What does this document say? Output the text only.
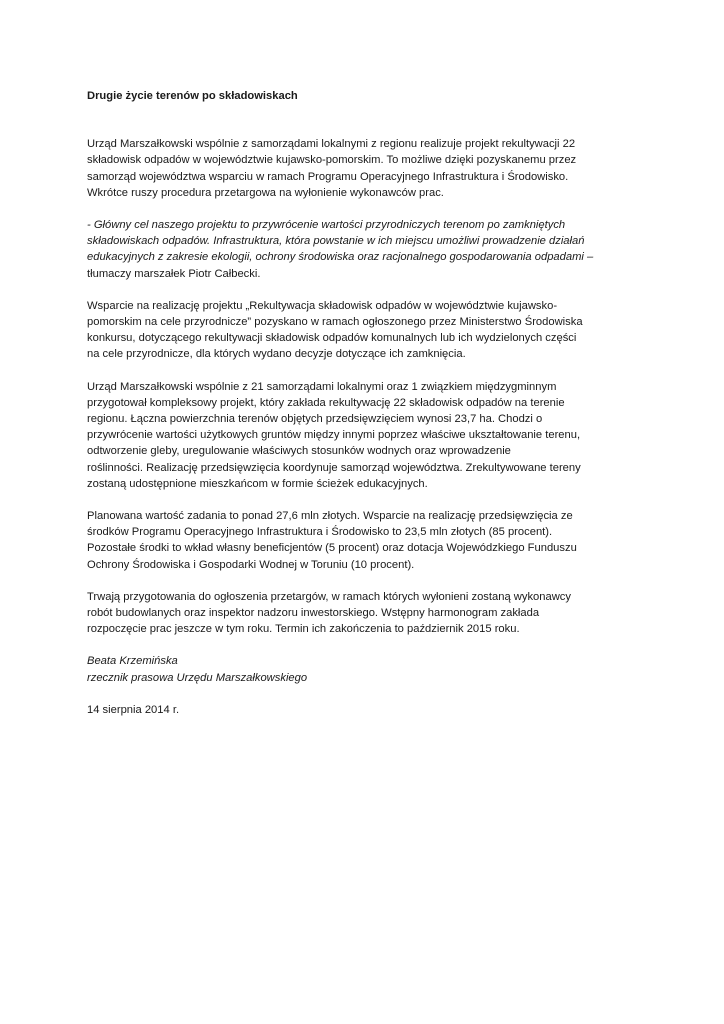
Drugie życie terenów po składowiskach

Urząd Marszałkowski wspólnie z samorządami lokalnymi z regionu realizuje projekt rekultywacji 22
składowisk odpadów w województwie kujawsko-pomorskim. To możliwe dzięki pozyskanemu przez
samorząd województwa wsparciu w ramach Programu Operacyjnego Infrastruktura i Środowisko.
Wkrótce ruszy procedura przetargowa na wyłonienie wykonawców prac.
- Główny cel naszego projektu to przywrócenie wartości przyrodniczych terenom po zamkniętych
składowiskach odpadów. Infrastruktura, która powstanie w ich miejscu umożliwi prowadzenie działań
edukacyjnych z zakresie ekologii, ochrony środowiska oraz racjonalnego gospodarowania odpadami –
tłumaczy marszałek Piotr Całbecki.
Wsparcie na realizację projektu „Rekultywacja składowisk odpadów w województwie kujawsko-
pomorskim na cele przyrodnicze” pozyskano w ramach ogłoszonego przez Ministerstwo Środowiska
konkursu, dotyczącego rekultywacji składowisk odpadów komunalnych lub ich wydzielonych części
na cele przyrodnicze, dla których wydano decyzje dotyczące ich zamknięcia.
Urząd Marszałkowski wspólnie z 21 samorządami lokalnymi oraz 1 związkiem międzygminnym
przygotował kompleksowy projekt, który zakłada rekultywację 22 składowisk odpadów na terenie
regionu. Łączna powierzchnia terenów objętych przedsięwzięciem wynosi 23,7 ha. Chodzi o
przywrócenie wartości użytkowych gruntów między innymi poprzez właściwe ukształtowanie terenu,
odtworzenie gleby, uregulowanie właściwych stosunków wodnych oraz wprowadzenie
roślinności. Realizację przedsięwzięcia koordynuje samorząd województwa. Zrekultywowane tereny
zostaną udostępnione mieszkańcom w formie ścieżek edukacyjnych.
Planowana wartość zadania to ponad 27,6 mln złotych. Wsparcie na realizację przedsięwzięcia ze
środków Programu Operacyjnego Infrastruktura i Środowisko to 23,5 mln złotych (85 procent).
Pozostałe środki to wkład własny beneficjentów (5 procent) oraz dotacja Wojewódzkiego Funduszu
Ochrony Środowiska i Gospodarki Wodnej w Toruniu (10 procent).
Trwają przygotowania do ogłoszenia przetargów, w ramach których wyłonieni zostaną wykonawcy
robót budowlanych oraz inspektor nadzoru inwestorskiego. Wstępny harmonogram zakłada
rozpoczęcie prac jeszcze w tym roku. Termin ich zakończenia to październik 2015 roku.
Beata Krzemińska
rzecznik prasowa Urzędu Marszałkowskiego

14 sierpnia 2014 r.
